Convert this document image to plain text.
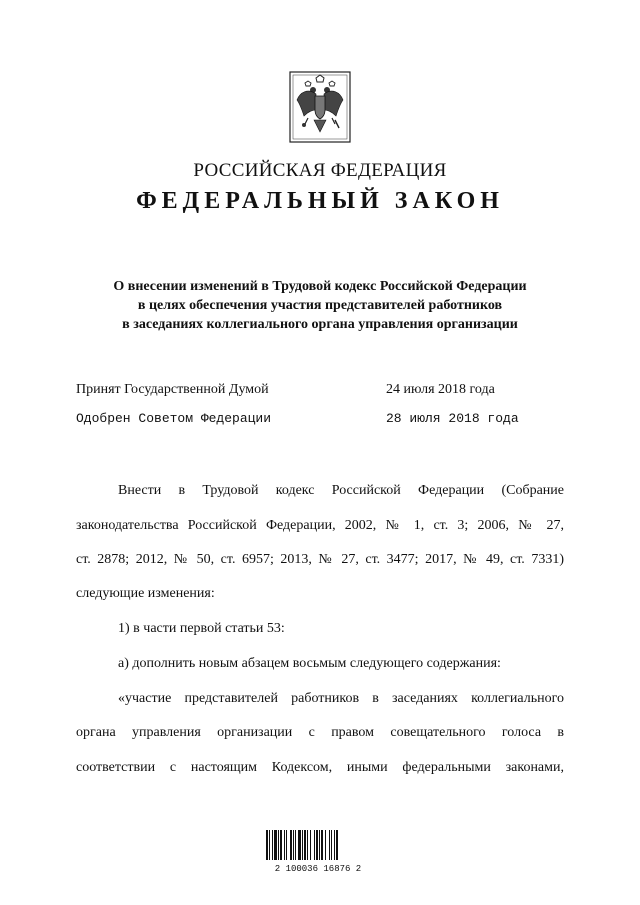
РОССИЙСКАЯ ФЕДЕРАЦИЯ
ФЕДЕРАЛЬНЫЙ ЗАКОН
О внесении изменений в Трудовой кодекс Российской Федерации
в целях обеспечения участия представителей работников
в заседаниях коллегиального органа управления организации
Принят Государственной Думой	24 июля 2018 года
Одобрен Советом Федерации	28 июля 2018 года
Внести в Трудовой кодекс Российской Федерации (Собрание
законодательства Российской Федерации, 2002, № 1, ст. 3; 2006, № 27,
ст. 2878; 2012, № 50, ст. 6957; 2013, № 27, ст. 3477; 2017, № 49, ст. 7331)
следующие изменения:
1) в части первой статьи 53:
а) дополнить новым абзацем восьмым следующего содержания:
«участие представителей работников в заседаниях коллегиального
органа управления организации с правом совещательного голоса в
соответствии с настоящим Кодексом, иными федеральными законами,
2 100036 16876 2
